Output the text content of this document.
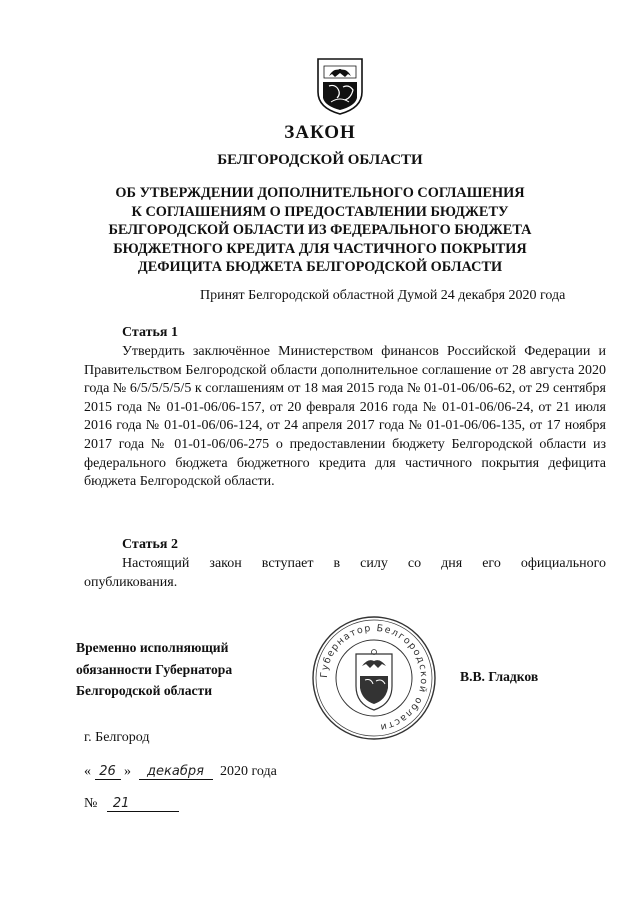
ЗАКОН
БЕЛГОРОДСКОЙ ОБЛАСТИ
ОБ УТВЕРЖДЕНИИ ДОПОЛНИТЕЛЬНОГО СОГЛАШЕНИЯ
К СОГЛАШЕНИЯМ О ПРЕДОСТАВЛЕНИИ БЮДЖЕТУ
БЕЛГОРОДСКОЙ ОБЛАСТИ ИЗ ФЕДЕРАЛЬНОГО БЮДЖЕТА
БЮДЖЕТНОГО КРЕДИТА ДЛЯ ЧАСТИЧНОГО ПОКРЫТИЯ
ДЕФИЦИТА БЮДЖЕТА БЕЛГОРОДСКОЙ ОБЛАСТИ
Принят Белгородской областной Думой 24 декабря 2020 года
Статья 1
Утвердить заключённое Министерством финансов Российской Федерации и Правительством Белгородской области дополнительное соглашение от 28 августа 2020 года № 6/5/5/5/5/5 к соглашениям от 18 мая 2015 года № 01-01-06/06-62, от 29 сентября 2015 года № 01-01-06/06-157, от 20 февраля 2016 года № 01-01-06/06-24, от 21 июля 2016 года № 01-01-06/06-124, от 24 апреля 2017 года № 01-01-06/06-135, от 17 ноября 2017 года № 01-01-06/06-275 о предоставлении бюджету Белгородской области из федерального бюджета бюджетного кредита для частичного покрытия дефицита бюджета Белгородской области.
Статья 2
Настоящий закон вступает в силу со дня его официального
опубликования.
Временно исполняющий
обязанности Губернатора
Белгородской области
Губернатор Белгородской области
В.В. Гладков
г. Белгород
« 26 » декабря 2020 года
№ 21
